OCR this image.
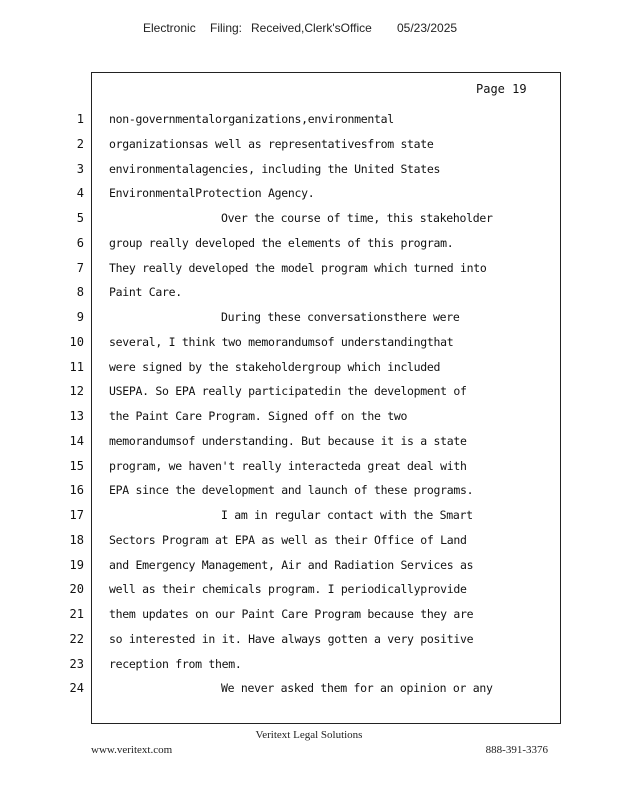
Electronic Filing: Received,Clerk'sOffice 05/23/2025
Page 19
1 non-governmentalorganizations,environmental
2 organizationsas well as representativesfrom state
3 environmentalagencies, including the United States
4 EnvironmentalProtection Agency.
5	Over the course of time, this stakeholder
6 group really developed the elements of this program.
7 They really developed the model program which turned into
8 Paint Care.
9	During these conversationsthere were
10 several, I think two memorandumsof understandingthat
11 were signed by the stakeholdergroup which included
12 USEPA. So EPA really participatedin the development of
13 the Paint Care Program. Signed off on the two
14 memorandumsof understanding. But because it is a state
15 program, we haven't really interacteda great deal with
16 EPA since the development and launch of these programs.
17	I am in regular contact with the Smart
18 Sectors Program at EPA as well as their Office of Land
19 and Emergency Management, Air and Radiation Services as
20 well as their chemicals program. I periodicallyprovide
21 them updates on our Paint Care Program because they are
22 so interested in it. Have always gotten a very positive
23 reception from them.
24	We never asked them for an opinion or any
Veritext Legal Solutions
www.veritext.com	888-391-3376
